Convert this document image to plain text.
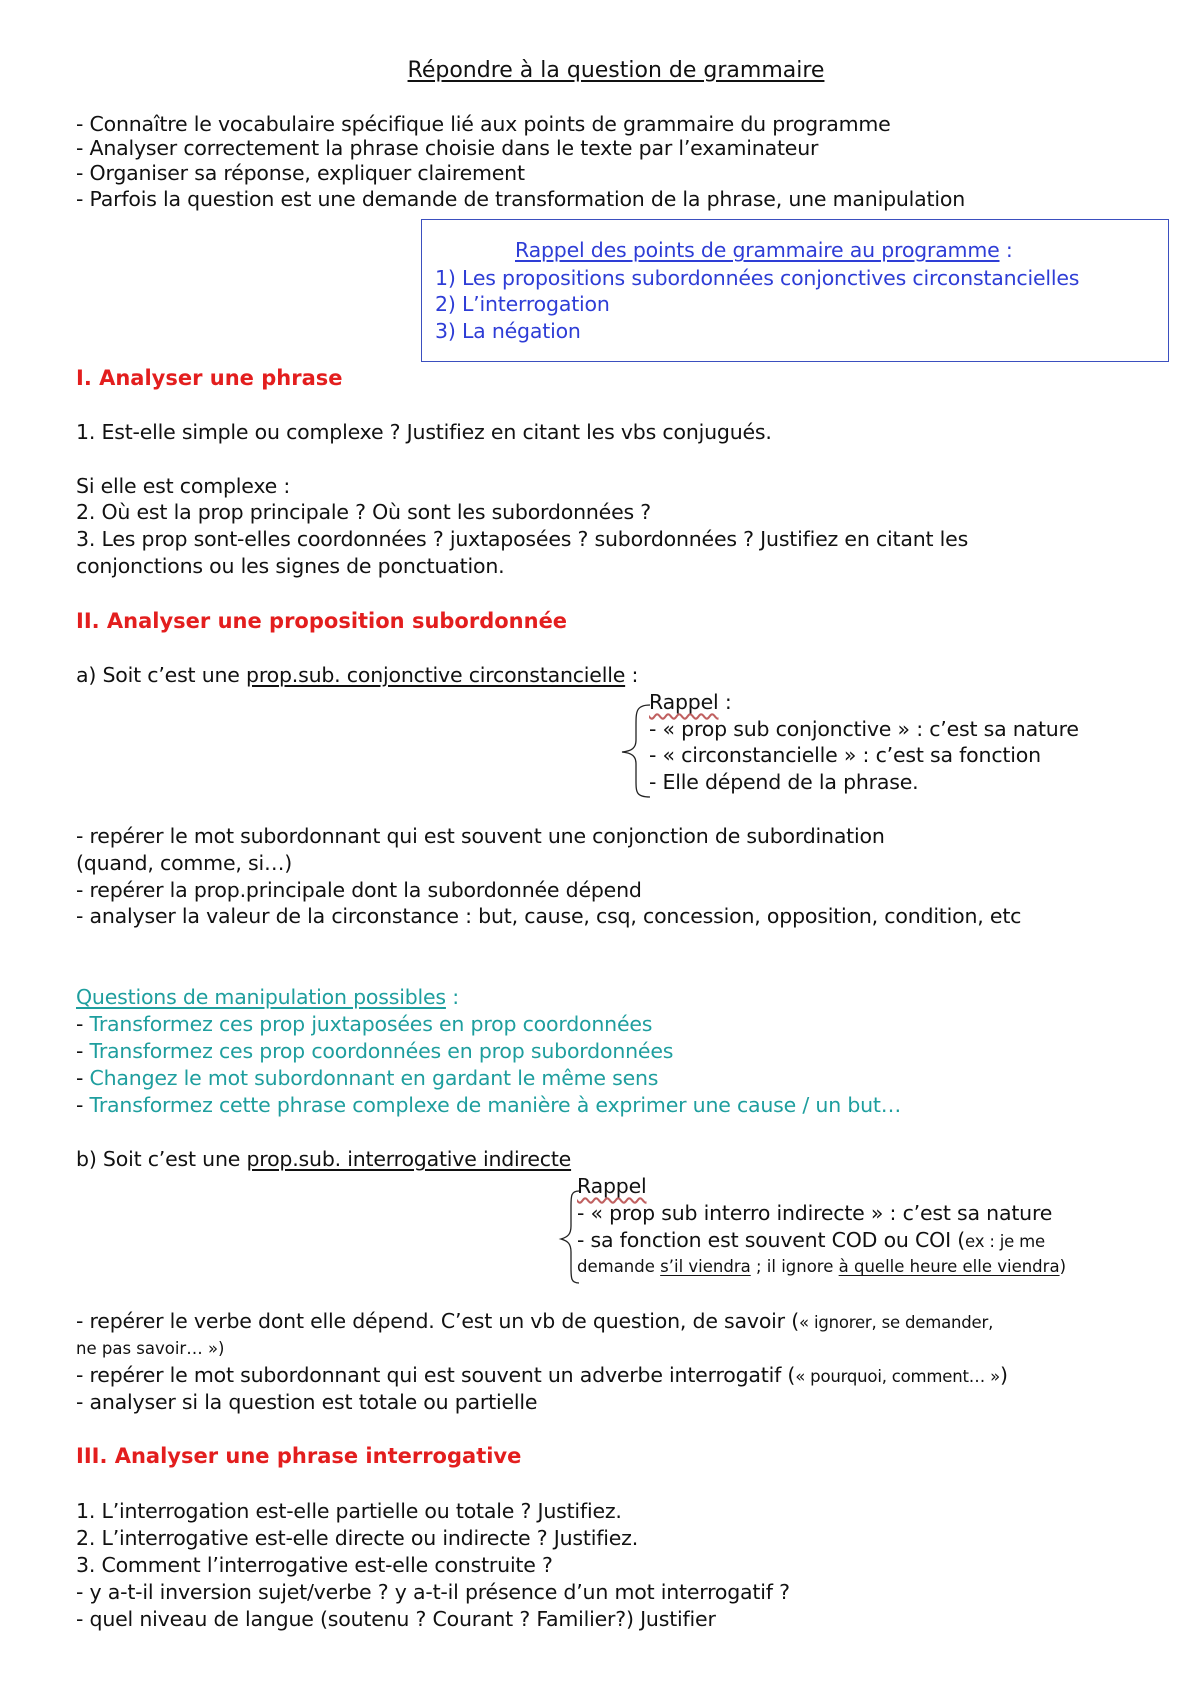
Répondre à la question de grammaire
- Connaître le vocabulaire spécifique lié aux points de grammaire du programme
- Analyser correctement la phrase choisie dans le texte par l’examinateur
- Organiser sa réponse, expliquer clairement
- Parfois la question est une demande de transformation de la phrase, une manipulation
Rappel des points de grammaire au programme :
1) Les propositions subordonnées conjonctives circonstancielles
2) L’interrogation
3) La négation
I. Analyser une phrase
1. Est-elle simple ou complexe ? Justifiez en citant les vbs conjugués.
Si elle est complexe :
2. Où est la prop principale ? Où sont les subordonnées ?
3. Les prop sont-elles coordonnées ? juxtaposées ? subordonnées ? Justifiez en citant les
conjonctions ou les signes de ponctuation.
II. Analyser une proposition subordonnée
a) Soit c’est une prop.sub. conjonctive circonstancielle :
Rappel :
- « prop sub conjonctive » : c’est sa nature
- « circonstancielle » : c’est sa fonction
- Elle dépend de la phrase.
- repérer le mot subordonnant qui est souvent une conjonction de subordination
(quand, comme, si…)
- repérer la prop.principale dont la subordonnée dépend
- analyser la valeur de la circonstance : but, cause, csq, concession, opposition, condition, etc
Questions de manipulation possibles :
- Transformez ces prop juxtaposées en prop coordonnées
- Transformez ces prop coordonnées en prop subordonnées
- Changez le mot subordonnant en gardant le même sens
- Transformez cette phrase complexe de manière à exprimer une cause / un but…
b) Soit c’est une prop.sub. interrogative indirecte
Rappel
- « prop sub interro indirecte » : c’est sa nature
- sa fonction est souvent COD ou COI (ex : je me
demande s’il viendra ; il ignore à quelle heure elle viendra)
- repérer le verbe dont elle dépend. C’est un vb de question, de savoir (« ignorer, se demander,
ne pas savoir… »)
- repérer le mot subordonnant qui est souvent un adverbe interrogatif (« pourquoi, comment… »)
- analyser si la question est totale ou partielle
III. Analyser une phrase interrogative
1. L’interrogation est-elle partielle ou totale ? Justifiez.
2. L’interrogative est-elle directe ou indirecte ? Justifiez.
3. Comment l’interrogative est-elle construite ?
- y a-t-il inversion sujet/verbe ? y a-t-il présence d’un mot interrogatif ?
- quel niveau de langue (soutenu ? Courant ? Familier?) Justifier
